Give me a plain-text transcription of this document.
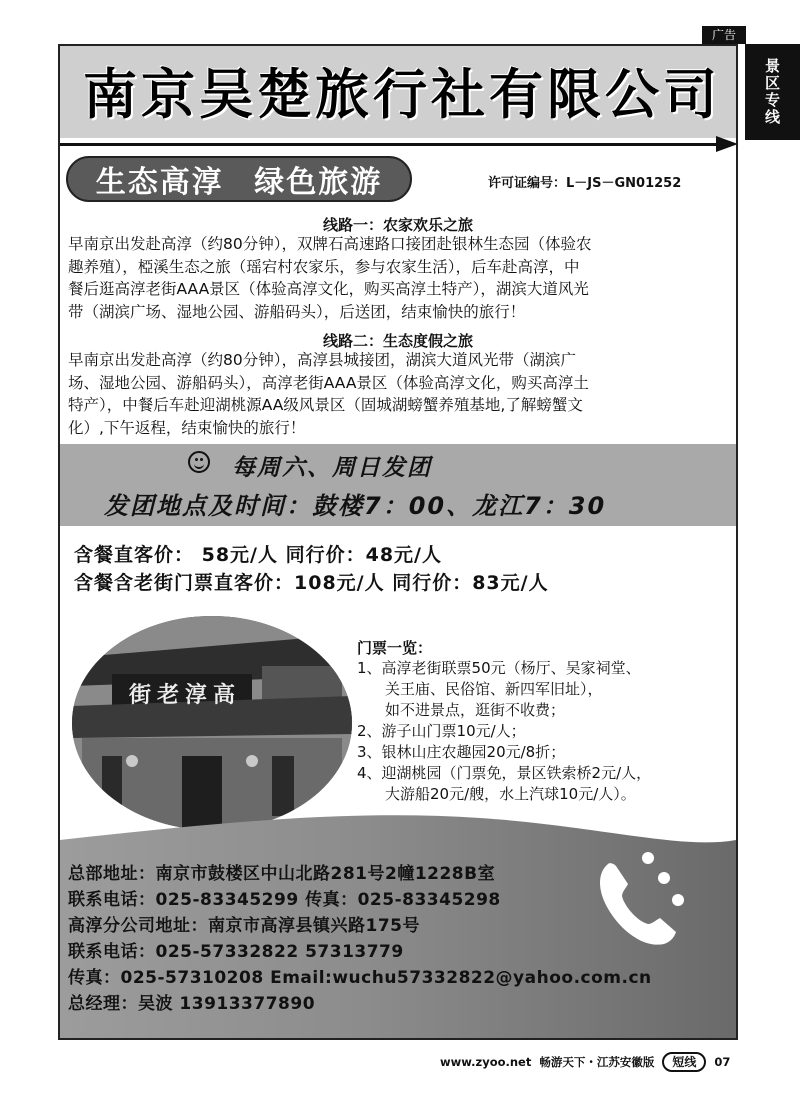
广告
景区专线
南京吴楚旅行社有限公司
生态高淳 绿色旅游	许可证编号：L－JS－GN01252
线路一：农家欢乐之旅
早南京出发赴高淳（约80分钟），双牌石高速路口接团赴银林生态园（体验农
趣养殖），椏溪生态之旅（瑶宕村农家乐，参与农家生活），后车赴高淳，中
餐后逛高淳老街AAA景区（体验高淳文化，购买高淳土特产），湖滨大道风光
带（湖滨广场、湿地公园、游船码头），后送团，结束愉快的旅行！
线路二：生态度假之旅
早南京出发赴高淳（约80分钟），高淳县城接团，湖滨大道风光带（湖滨广
场、湿地公园、游船码头），高淳老街AAA景区（体验高淳文化，购买高淳土
特产），中餐后车赴迎湖桃源AA级风景区（固城湖螃蟹养殖基地,了解螃蟹文
化）,下午返程，结束愉快的旅行！
每周六、周日发团
发团地点及时间：鼓楼7：00、龙江7：30
含餐直客价： 58元/人 同行价：48元/人
含餐含老街门票直客价：108元/人 同行价：83元/人
街老淳高
门票一览：
1、高淳老街联票50元（杨厅、吴家祠堂、
关王庙、民俗馆、新四军旧址），
如不进景点，逛街不收费；
2、游子山门票10元/人；
3、银林山庄农趣园20元/8折；
4、迎湖桃园（门票免，景区铁索桥2元/人，
大游船20元/艘，水上汽球10元/人）。
总部地址：南京市鼓楼区中山北路281号2幢1228B室
联系电话：025-83345299 传真：025-83345298
高淳分公司地址：南京市高淳县镇兴路175号
联系电话：025-57332822 57313779
传真：025-57310208 Email:wuchu57332822@yahoo.com.cn
总经理：吴波 13913377890
www.zyoo.net 畅游天下・江苏安徽版	短线	07
